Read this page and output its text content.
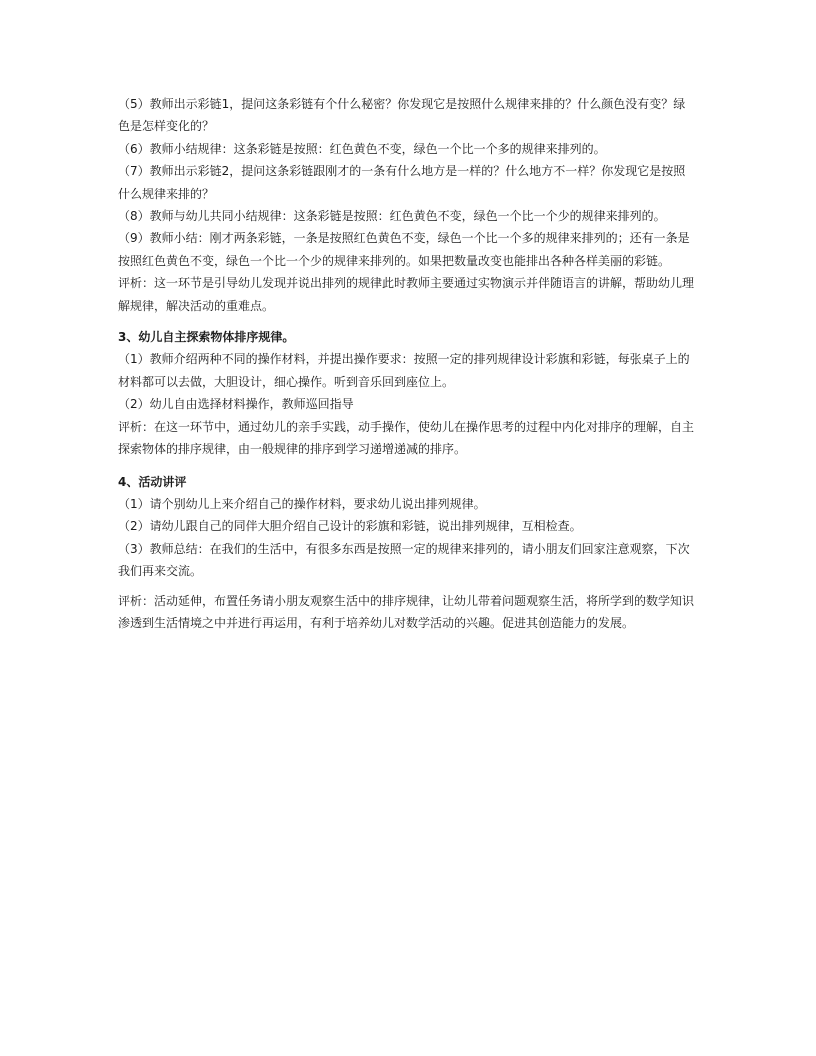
（5）教师出示彩链1，提问这条彩链有个什么秘密？你发现它是按照什么规律来排的？什么颜色没有变？绿

色是怎样变化的？

（6）教师小结规律：这条彩链是按照：红色黄色不变，绿色一个比一个多的规律来排列的。

（7）教师出示彩链2，提问这条彩链跟刚才的一条有什么地方是一样的？什么地方不一样？你发现它是按照

什么规律来排的？

（8）教师与幼儿共同小结规律：这条彩链是按照：红色黄色不变，绿色一个比一个少的规律来排列的。

（9）教师小结：刚才两条彩链，一条是按照红色黄色不变，绿色一个比一个多的规律来排列的；还有一条是

按照红色黄色不变，绿色一个比一个少的规律来排列的。如果把数量改变也能排出各种各样美丽的彩链。

评析：这一环节是引导幼儿发现并说出排列的规律此时教师主要通过实物演示并伴随语言的讲解，帮助幼儿理

解规律，解决活动的重难点。

3、幼儿自主探索物体排序规律。

（1）教师介绍两种不同的操作材料，并提出操作要求：按照一定的排列规律设计彩旗和彩链，每张桌子上的

材料都可以去做，大胆设计，细心操作。听到音乐回到座位上。

（2）幼儿自由选择材料操作，教师巡回指导

评析：在这一环节中，通过幼儿的亲手实践，动手操作，使幼儿在操作思考的过程中内化对排序的理解，自主

探索物体的排序规律，由一般规律的排序到学习递增递减的排序。

4、活动讲评

（1）请个别幼儿上来介绍自己的操作材料，要求幼儿说出排列规律。

（2）请幼儿跟自己的同伴大胆介绍自己设计的彩旗和彩链，说出排列规律，互相检查。

（3）教师总结：在我们的生活中，有很多东西是按照一定的规律来排列的，请小朋友们回家注意观察，下次

我们再来交流。

评析：活动延伸，布置任务请小朋友观察生活中的排序规律，让幼儿带着问题观察生活，将所学到的数学知识

渗透到生活情境之中并进行再运用，有利于培养幼儿对数学活动的兴趣。促进其创造能力的发展。
